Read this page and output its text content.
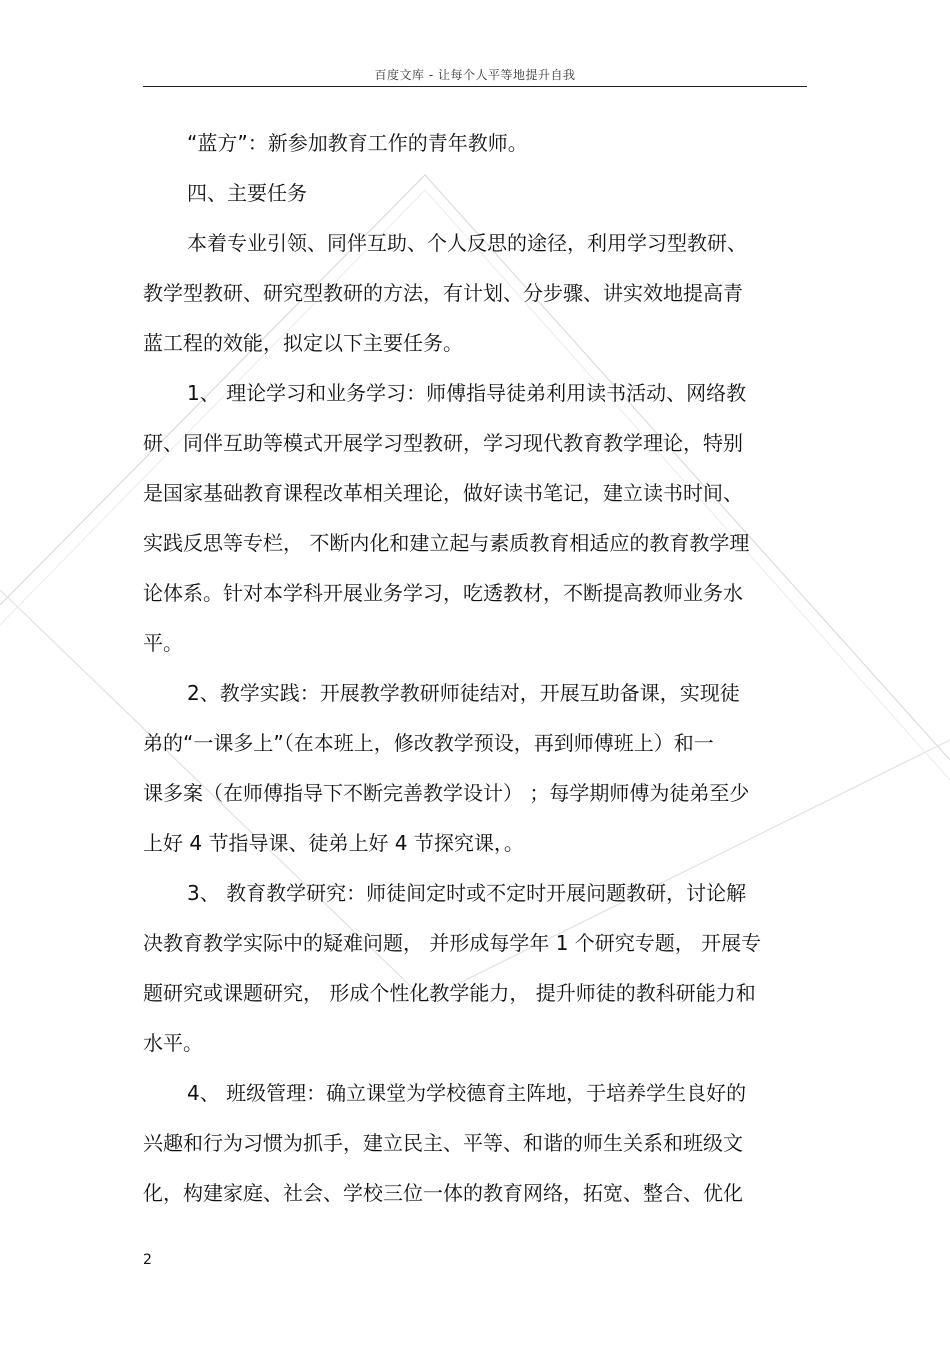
百度文库 - 让每个人平等地提升自我
“蓝方”：新参加教育工作的青年教师。
四、主要任务
本着专业引领、同伴互助、个人反思的途径，利用学习型教研、
教学型教研、研究型教研的方法，有计划、分步骤、讲实效地提高青
蓝工程的效能，拟定以下主要任务。
1、 理论学习和业务学习：师傅指导徒弟利用读书活动、网络教
研、同伴互助等模式开展学习型教研，学习现代教育教学理论，特别
是国家基础教育课程改革相关理论，做好读书笔记，建立读书时间、
实践反思等专栏， 不断内化和建立起与素质教育相适应的教育教学理
论体系。针对本学科开展业务学习，吃透教材，不断提高教师业务水
平。
2、教学实践：开展教学教研师徒结对，开展互助备课，实现徒
弟的“一课多上”（在本班上，修改教学预设，再到师傅班上）和一
课多案（在师傅指导下不断完善教学设计） ；每学期师傅为徒弟至少
上好 4 节指导课、徒弟上好 4 节探究课，。
3、 教育教学研究：师徒间定时或不定时开展问题教研，讨论解
决教育教学实际中的疑难问题， 并形成每学年 1 个研究专题， 开展专
题研究或课题研究， 形成个性化教学能力， 提升师徒的教科研能力和
水平。
4、 班级管理：确立课堂为学校德育主阵地，于培养学生良好的
兴趣和行为习惯为抓手，建立民主、平等、和谐的师生关系和班级文
化，构建家庭、社会、学校三位一体的教育网络，拓宽、整合、优化
2
